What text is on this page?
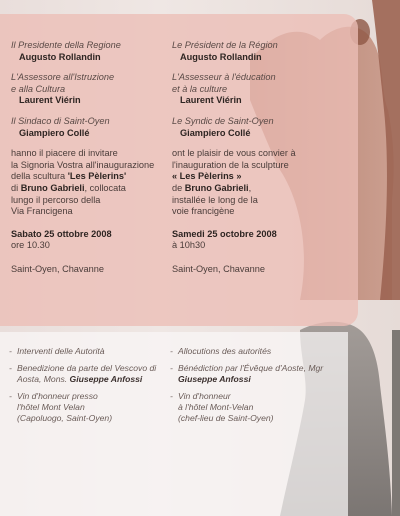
Il Presidente della Regione
Augusto Rollandin
L'Assessore all'Istruzione
e alla Cultura
Laurent Viérin
Il Sindaco di Saint-Oyen
Giampiero Collé
hanno il piacere di invitare
la Signoria Vostra all'inaugurazione
della scultura 'Les Pèlerins'
di Bruno Gabrieli, collocata
lungo il percorso della
Via Francigena
Sabato 25 ottobre 2008
ore 10.30
Saint-Oyen, Chavanne
Le Président de la Région
Augusto Rollandin
L'Assesseur à l'éducation
et à la culture
Laurent Viérin
Le Syndic de Saint-Oyen
Giampiero Collé
ont le plaisir de vous convier à
l'inauguration de la sculpture
« Les Pèlerins »
de Bruno Gabrieli,
installée le long de la
voie francigène
Samedi 25 octobre 2008
à 10h30
Saint-Oyen, Chavanne
- Interventi delle Autorità
- Benedizione da parte del Vescovo di Aosta, Mons. Giuseppe Anfossi
- Vin d'honneur presso
l'hôtel Mont Velan
(Capoluogo, Saint-Oyen)
- Allocutions des autorités
- Bénédiction par l'Évêque d'Aoste, Mgr Giuseppe Anfossi
- Vin d'honneur
à l'hôtel Mont-Velan
(chef-lieu de Saint-Oyen)
